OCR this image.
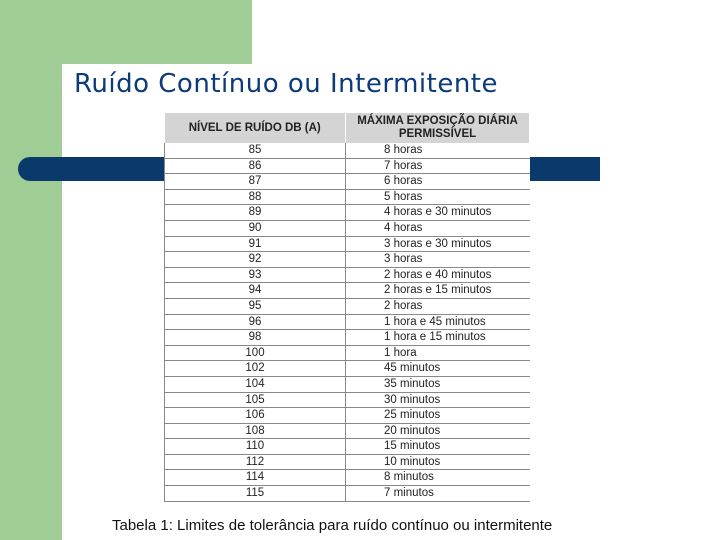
Ruído Contínuo ou Intermitente
NÍVEL DE RUÍDO DB (A)	MÁXIMA EXPOSIÇÃO DIÁRIA PERMISSÍVEL
85	8 horas
86	7 horas
87	6 horas
88	5 horas
89	4 horas e 30 minutos
90	4 horas
91	3 horas e 30 minutos
92	3 horas
93	2 horas e 40 minutos
94	2 horas e 15 minutos
95	2 horas
96	1 hora e 45 minutos
98	1 hora e 15 minutos
100	1 hora
102	45 minutos
104	35 minutos
105	30 minutos
106	25 minutos
108	20 minutos
110	15 minutos
112	10 minutos
114	8 minutos
115	7 minutos
Tabela 1: Limites de tolerância para ruído contínuo ou intermitente
